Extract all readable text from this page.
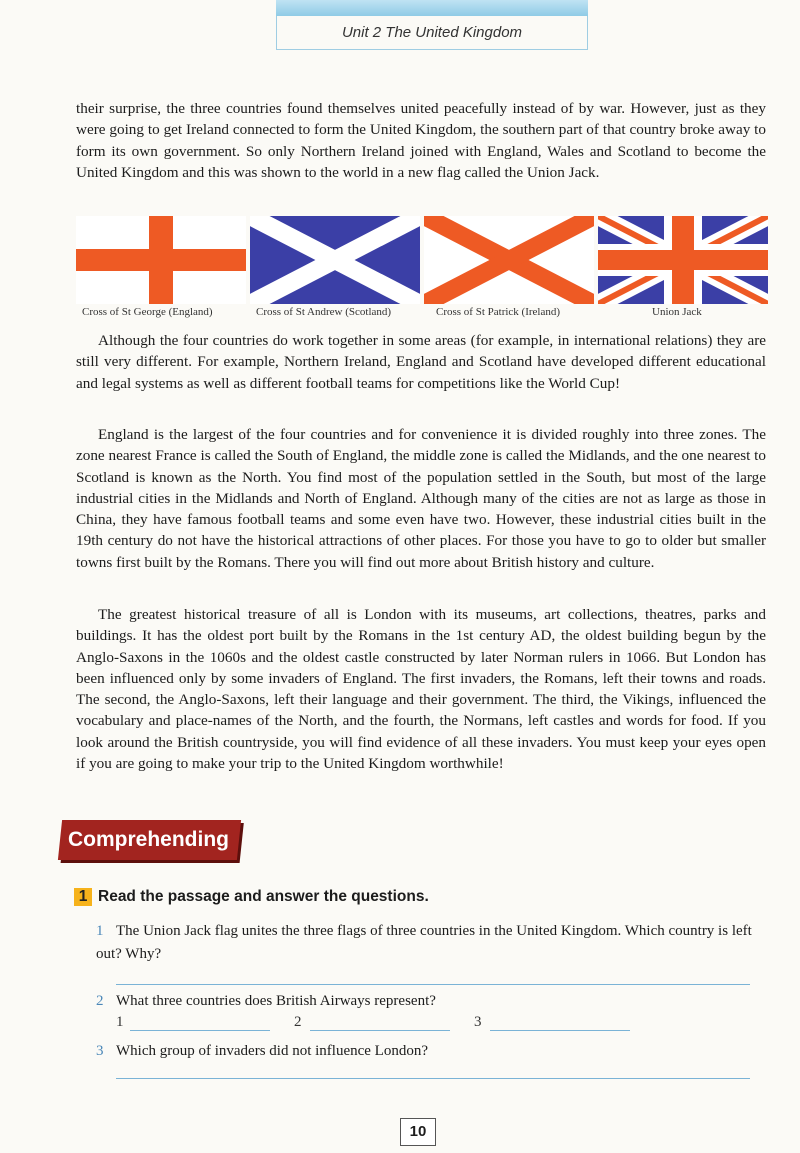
Unit 2 The United Kingdom

their surprise, the three countries found themselves united peacefully instead of by war. However, just as they were going to get Ireland connected to form the United Kingdom, the southern part of that country broke away to form its own government. So only Northern Ireland joined with England, Wales and Scotland to become the United Kingdom and this was shown to the world in a new flag called the Union Jack.

Cross of St George (England)	Cross of St Andrew (Scotland)	Cross of St Patrick (Ireland)	Union Jack

Although the four countries do work together in some areas (for example, in international relations) they are still very different. For example, Northern Ireland, England and Scotland have developed different educational and legal systems as well as different football teams for competitions like the World Cup!

England is the largest of the four countries and for convenience it is divided roughly into three zones. The zone nearest France is called the South of England, the middle zone is called the Midlands, and the one nearest to Scotland is known as the North. You find most of the population settled in the South, but most of the large industrial cities in the Midlands and North of England. Although many of the cities are not as large as those in China, they have famous football teams and some even have two. However, these industrial cities built in the 19th century do not have the historical attractions of other places. For those you have to go to older but smaller towns first built by the Romans. There you will find out more about British history and culture.

The greatest historical treasure of all is London with its museums, art collections, theatres, parks and buildings. It has the oldest port built by the Romans in the 1st century AD, the oldest building begun by the Anglo-Saxons in the 1060s and the oldest castle constructed by later Norman rulers in 1066. But London has been influenced only by some invaders of England. The first invaders, the Romans, left their towns and roads. The second, the Anglo-Saxons, left their language and their government. The third, the Vikings, influenced the vocabulary and place-names of the North, and the fourth, the Normans, left castles and words for food. If you look around the British countryside, you will find evidence of all these invaders. You must keep your eyes open if you are going to make your trip to the United Kingdom worthwhile!

Comprehending
1 Read the passage and answer the questions.
1 The Union Jack flag unites the three flags of three countries in the United Kingdom. Which country is left out? Why?
2 What three countries does British Airways represent?
1	2	3
3 Which group of invaders did not influence London?
10
